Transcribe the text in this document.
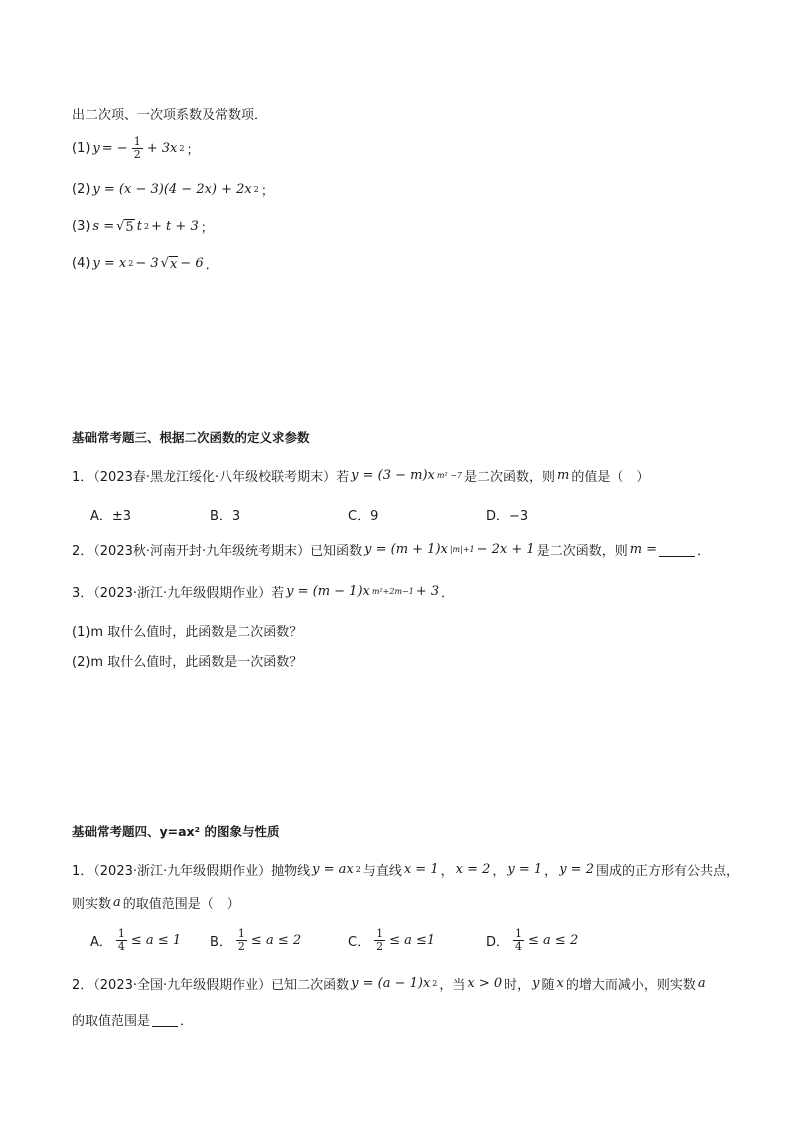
出二次项、一次项系数及常数项．
(1) y = − $\frac{1}{2} + 3x$ 2 ；
(2) y = (x − 3)(4 − 2x) + 2x 2 ；
(3) s = √ 5 t 2 + t + 3 ；
(4) y = x 2 − 3 √ x − 6 ．
基础常考题三、根据二次函数的定义求参数
1．（2023春·黑龙江绥化·八年级校联考期末）若 y = (3 − m)x m² −7 是二次函数，则 m 的值是（　）
A．±3	B．3	C．9	D．−3
2．（2023秋·河南开封·九年级统考期末）已知函数 y = (m + 1)x |m|+1 − 2x + 1 是二次函数，则 m =	．
3．（2023·浙江·九年级假期作业）若 y = (m − 1)x m²+2m−1 + 3 ．
(1)m 取什么值时，此函数是二次函数？
(2)m 取什么值时，此函数是一次函数？
基础常考题四、y=ax² 的图象与性质
1．（2023·浙江·九年级假期作业）抛物线 y = ax 2 与直线 x = 1 ， x = 2 ， y = 1 ， y = 2 围成的正方形有公共点，
则实数 a 的取值范围是（　）
A． $\frac{1}{4} \le a \le 1$ B． $\frac{1}{2} \le a \le 2$	C． $\frac{1}{2} \le a \le 1$	D． $\frac{1}{4} \le a \le 2$
2．（2023·全国·九年级假期作业）已知二次函数 y = (a − 1)x 2 ，当 x > 0 时， y 随 x 的增大而减小，则实数 a
的取值范围是 ．
